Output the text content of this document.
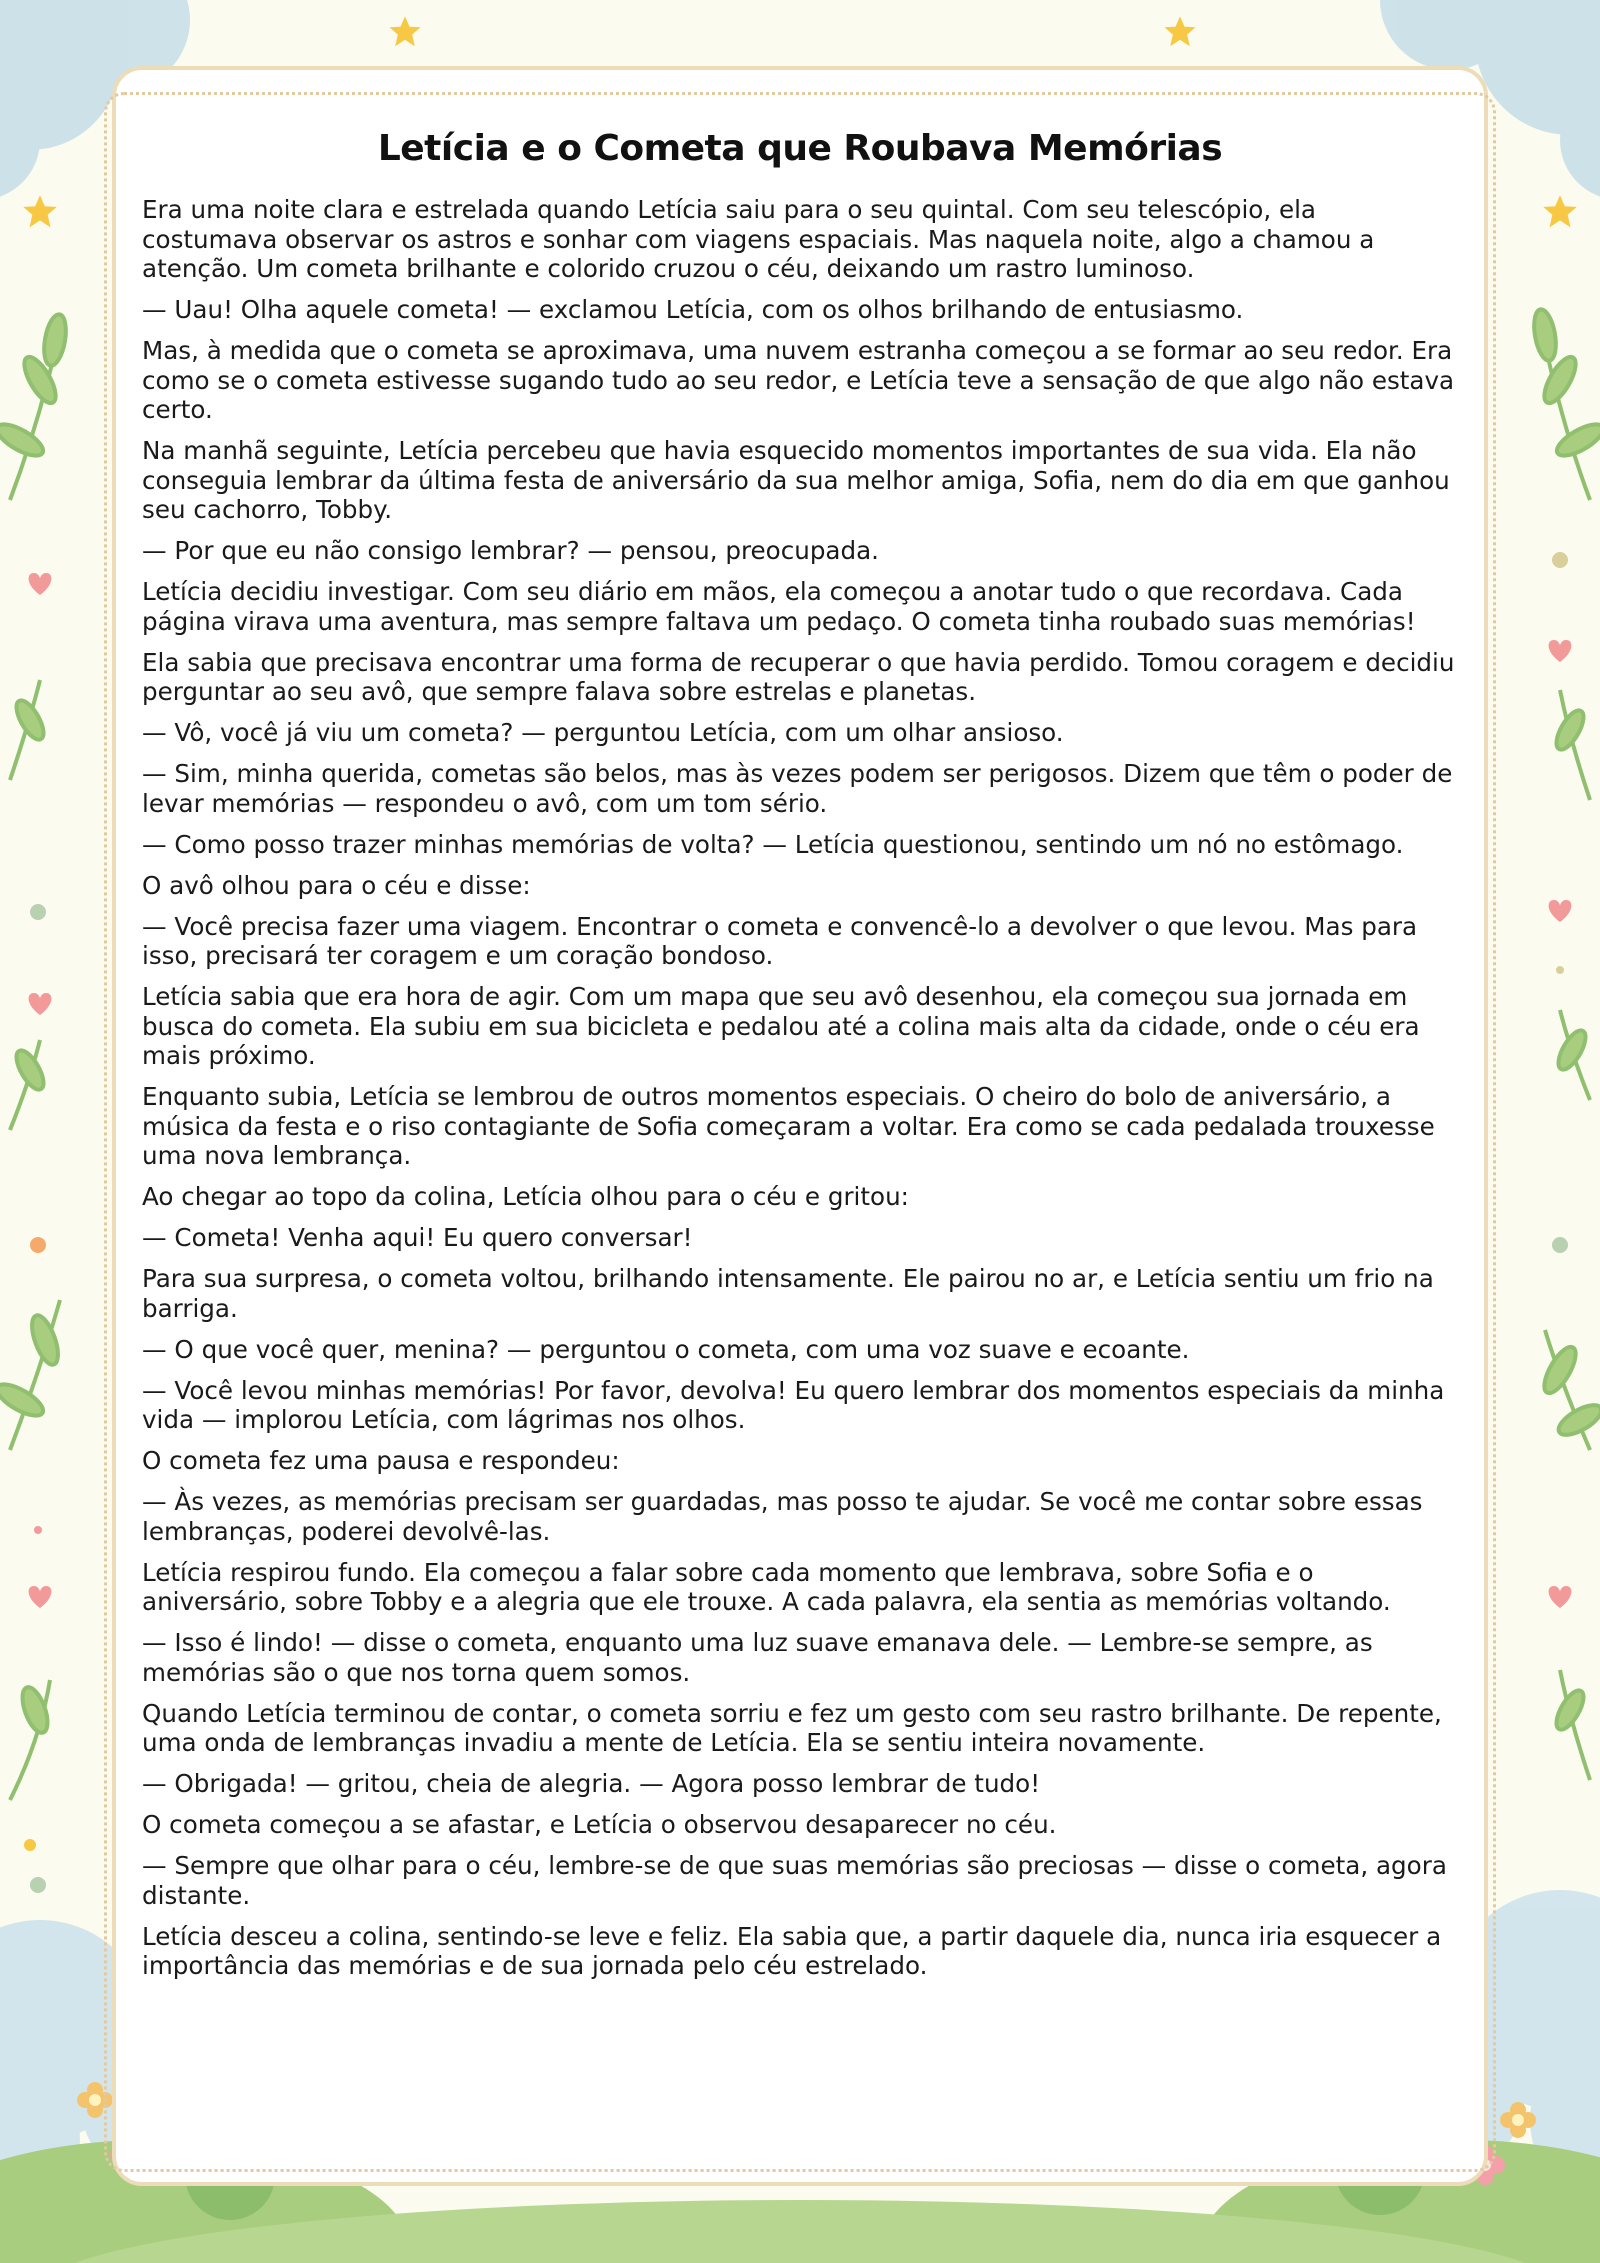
Letícia e o Cometa que Roubava Memórias

Era uma noite clara e estrelada quando Letícia saiu para o seu quintal. Com seu telescópio, ela costumava observar os astros e sonhar com viagens espaciais. Mas naquela noite, algo a chamou a atenção. Um cometa brilhante e colorido cruzou o céu, deixando um rastro luminoso.

— Uau! Olha aquele cometa! — exclamou Letícia, com os olhos brilhando de entusiasmo.

Mas, à medida que o cometa se aproximava, uma nuvem estranha começou a se formar ao seu redor. Era como se o cometa estivesse sugando tudo ao seu redor, e Letícia teve a sensação de que algo não estava certo.

Na manhã seguinte, Letícia percebeu que havia esquecido momentos importantes de sua vida. Ela não conseguia lembrar da última festa de aniversário da sua melhor amiga, Sofia, nem do dia em que ganhou seu cachorro, Tobby.

— Por que eu não consigo lembrar? — pensou, preocupada.

Letícia decidiu investigar. Com seu diário em mãos, ela começou a anotar tudo o que recordava. Cada página virava uma aventura, mas sempre faltava um pedaço. O cometa tinha roubado suas memórias!

Ela sabia que precisava encontrar uma forma de recuperar o que havia perdido. Tomou coragem e decidiu perguntar ao seu avô, que sempre falava sobre estrelas e planetas.

— Vô, você já viu um cometa? — perguntou Letícia, com um olhar ansioso.

— Sim, minha querida, cometas são belos, mas às vezes podem ser perigosos. Dizem que têm o poder de levar memórias — respondeu o avô, com um tom sério.

— Como posso trazer minhas memórias de volta? — Letícia questionou, sentindo um nó no estômago.

O avô olhou para o céu e disse:

— Você precisa fazer uma viagem. Encontrar o cometa e convencê-lo a devolver o que levou. Mas para isso, precisará ter coragem e um coração bondoso.

Letícia sabia que era hora de agir. Com um mapa que seu avô desenhou, ela começou sua jornada em busca do cometa. Ela subiu em sua bicicleta e pedalou até a colina mais alta da cidade, onde o céu era mais próximo.

Enquanto subia, Letícia se lembrou de outros momentos especiais. O cheiro do bolo de aniversário, a música da festa e o riso contagiante de Sofia começaram a voltar. Era como se cada pedalada trouxesse uma nova lembrança.

Ao chegar ao topo da colina, Letícia olhou para o céu e gritou:

— Cometa! Venha aqui! Eu quero conversar!

Para sua surpresa, o cometa voltou, brilhando intensamente. Ele pairou no ar, e Letícia sentiu um frio na barriga.

— O que você quer, menina? — perguntou o cometa, com uma voz suave e ecoante.

— Você levou minhas memórias! Por favor, devolva! Eu quero lembrar dos momentos especiais da minha vida — implorou Letícia, com lágrimas nos olhos.

O cometa fez uma pausa e respondeu:

— Às vezes, as memórias precisam ser guardadas, mas posso te ajudar. Se você me contar sobre essas lembranças, poderei devolvê-las.

Letícia respirou fundo. Ela começou a falar sobre cada momento que lembrava, sobre Sofia e o aniversário, sobre Tobby e a alegria que ele trouxe. A cada palavra, ela sentia as memórias voltando.

— Isso é lindo! — disse o cometa, enquanto uma luz suave emanava dele. — Lembre-se sempre, as memórias são o que nos torna quem somos.

Quando Letícia terminou de contar, o cometa sorriu e fez um gesto com seu rastro brilhante. De repente, uma onda de lembranças invadiu a mente de Letícia. Ela se sentiu inteira novamente.

— Obrigada! — gritou, cheia de alegria. — Agora posso lembrar de tudo!

O cometa começou a se afastar, e Letícia o observou desaparecer no céu.

— Sempre que olhar para o céu, lembre-se de que suas memórias são preciosas — disse o cometa, agora distante.

Letícia desceu a colina, sentindo-se leve e feliz. Ela sabia que, a partir daquele dia, nunca iria esquecer a importância das memórias e de sua jornada pelo céu estrelado.
